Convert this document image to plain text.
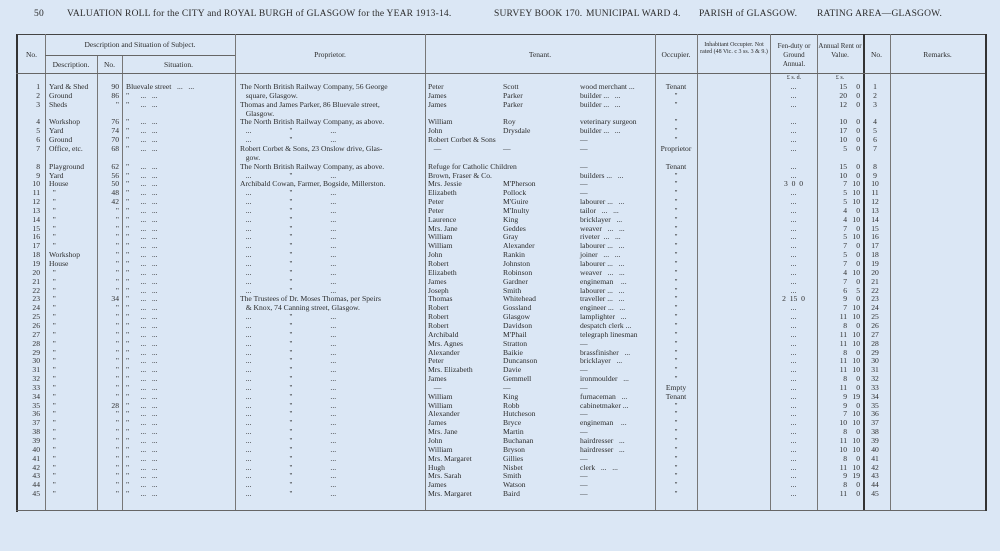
50 VALUATION ROLL for the CITY and ROYAL BURGH of GLASGOW for the YEAR 1913-14.	SURVEY BOOK 170. MUNICIPAL WARD 4. PARISH of GLASGOW. RATING AREA—GLASGOW.
No.
Description and Situation of Subject.
Description.	No.	Situation.
Proprietor.	Tenant.	Occupier.
Inhabitant Occupier. Not rated (48 Vic. c 3 ss. 3 & 9.)
Fen-duty or Ground Annual.
Annual Rent or Value.	No.	Remarks.
£ s. d.	£ s.
1 Yard & Shed	90 Bluevale street   ...   ...	The North British Railway Company, 56 George	Peter	Scott	wood merchant ...	Tenant	...	15	0	1
2 Ground	86 "      ...   ...	square, Glasgow.	James	Parker	builder ...   ...	"	...	20	0	2
3 Sheds	" "      ...   ...	Thomas and James Parker, 86 Bluevale street,	James	Parker	builder ...   ...	"	...	12	0	3
Glasgow.
4 Workshop	76 "      ...   ...	The North British Railway Company, as above.	William	Roy	veterinary surgeon	"	...	10	0	4
5 Yard	74 "      ...   ...	...                    "                    ...	John	Drysdale	builder ...   ...	"	...	17	0	5
6 Ground	70 "      ...   ...	...                    "                    ...	Robert Corbet & Sons	—	"	...	10	0	6
7 Office, etc.	68 "      ...   ...	Robert Corbet & Sons, 23 Onslow drive, Glas-	—	—	—	Proprietor	...	5	0	7
gow.
8 Playground	62 "      ...   ...	The North British Railway Company, as above.	Refuge for Catholic Children	—	Tenant	...	15	0	8
9 Yard	56 "      ...   ...	...                    "                    ...	Brown, Fraser & Co.	builders ...   ...	"	...	10	0	9
10 House	50 "      ...   ...	Archibald Cowan, Farmer, Bogside, Millerston.	Mrs. Jessie	M'Pherson	—	"	3  0  0	7 10	10
11 "	48 "      ...   ...	...                    "                    ...	Elizabeth	Pollock	—	"	...	5 10	11
12 "	42 "      ...   ...	...                    "                    ...	Peter	M'Guire	labourer ...   ...	"	...	5 10	12
13 "	" "      ...   ...	...                    "                    ...	Peter	M'Inulty	tailor   ...   ...	"	...	4	0	13
14 "	" "      ...   ...	...                    "                    ...	Laurence	King	bricklayer   ...	"	...	4 10	14
15 "	" "      ...   ...	...                    "                    ...	Mrs. Jane	Geddes	weaver   ...   ...	"	...	7	0	15
16 "	" "      ...   ...	...                    "                    ...	William	Gray	riveter  ...   ...	"	...	5 10	16
17 "	" "      ...   ...	...                    "                    ...	William	Alexander	labourer ...   ...	"	...	7	0	17
18 Workshop	" "      ...   ...	...                    "                    ...	John	Rankin	joiner   ...   ...	"	...	5	0	18
19 House	" "      ...   ...	...                    "                    ...	Robert	Johnston	labourer ...   ...	"	...	7	0	19
20 "	" "      ...   ...	...                    "                    ...	Elizabeth	Robinson	weaver   ...   ...	"	...	4 10	20
21 "	" "      ...   ...	...                    "                    ...	James	Gardner	engineman    ...	"	...	7	0	21
22 "	" "      ...   ...	...                    "                    ...	Joseph	Smith	labourer ...   ...	"	...	6	5	22
23 "	34 "      ...   ...	The Trustees of Dr. Moses Thomas, per Speirs	Thomas	Whitehead	traveller ...   ...	"	2  15  0	9	0	23
24 "	" "      ...   ...	& Knox, 74 Canning street, Glasgow.	Robert	Gossland	engineer ...   ...	"	...	7 10	24
25 "	" "      ...   ...	...                    "                    ...	Robert	Glasgow	lamplighter   ...	"	...	11 10	25
26 "	" "      ...   ...	...                    "                    ...	Robert	Davidson	despatch clerk ...	"	...	8	0	26
27 "	" "      ...   ...	...                    "                    ...	Archibald	M'Phail	telegraph linesman	"	...	11 10	27
28 "	" "      ...   ...	...                    "                    ...	Mrs. Agnes	Stratton	—	"	...	11 10	28
29 "	" "      ...   ...	...                    "                    ...	Alexander	Baikie	brassfinisher   ...	"	...	8	0	29
30 "	" "      ...   ...	...                    "                    ...	Peter	Duncanson	bricklayer   ...	"	...	11 10	30
31 "	" "      ...   ...	...                    "                    ...	Mrs. Elizabeth	Davie	—	"	...	11 10	31
32 "	" "      ...   ...	...                    "                    ...	James	Gemmell	ironmoulder   ...	"	...	8	0	32
33 "	" "      ...   ...	...                    "                    ...	—	—	—	Empty	...	11	0	33
34 "	" "      ...   ...	...                    "                    ...	William	King	furnaceman   ...	Tenant	...	9 19	34
35 "	28 "      ...   ...	...                    "                    ...	William	Robb	cabinetmaker ...	"	...	9	0	35
36 "	" "      ...   ...	...                    "                    ...	Alexander	Hutcheson	—	"	...	7 10	36
37 "	" "      ...   ...	...                    "                    ...	James	Bryce	engineman    ...	"	...	10 10	37
38 "	" "      ...   ...	...                    "                    ...	Mrs. Jane	Martin	—	"	...	8	0	38
39 "	" "      ...   ...	...                    "                    ...	John	Buchanan	hairdresser   ...	"	...	11 10	39
40 "	" "      ...   ...	...                    "                    ...	William	Bryson	hairdresser   ...	"	...	10 10	40
41 "	" "      ...   ...	...                    "                    ...	Mrs. Margaret	Gillies	—	"	...	8	0	41
42 "	" "      ...   ...	...                    "                    ...	Hugh	Nisbet	clerk   ...   ...	"	...	11 10	42
43 "	" "      ...   ...	...                    "                    ...	Mrs. Sarah	Smith	—	"	...	9 19	43
44 "	" "      ...   ...	...                    "                    ...	James	Watson	—	"	...	8	0	44
45 "	" "      ...   ...	...                    "                    ...	Mrs. Margaret	Baird	—	"	...	11	0	45
